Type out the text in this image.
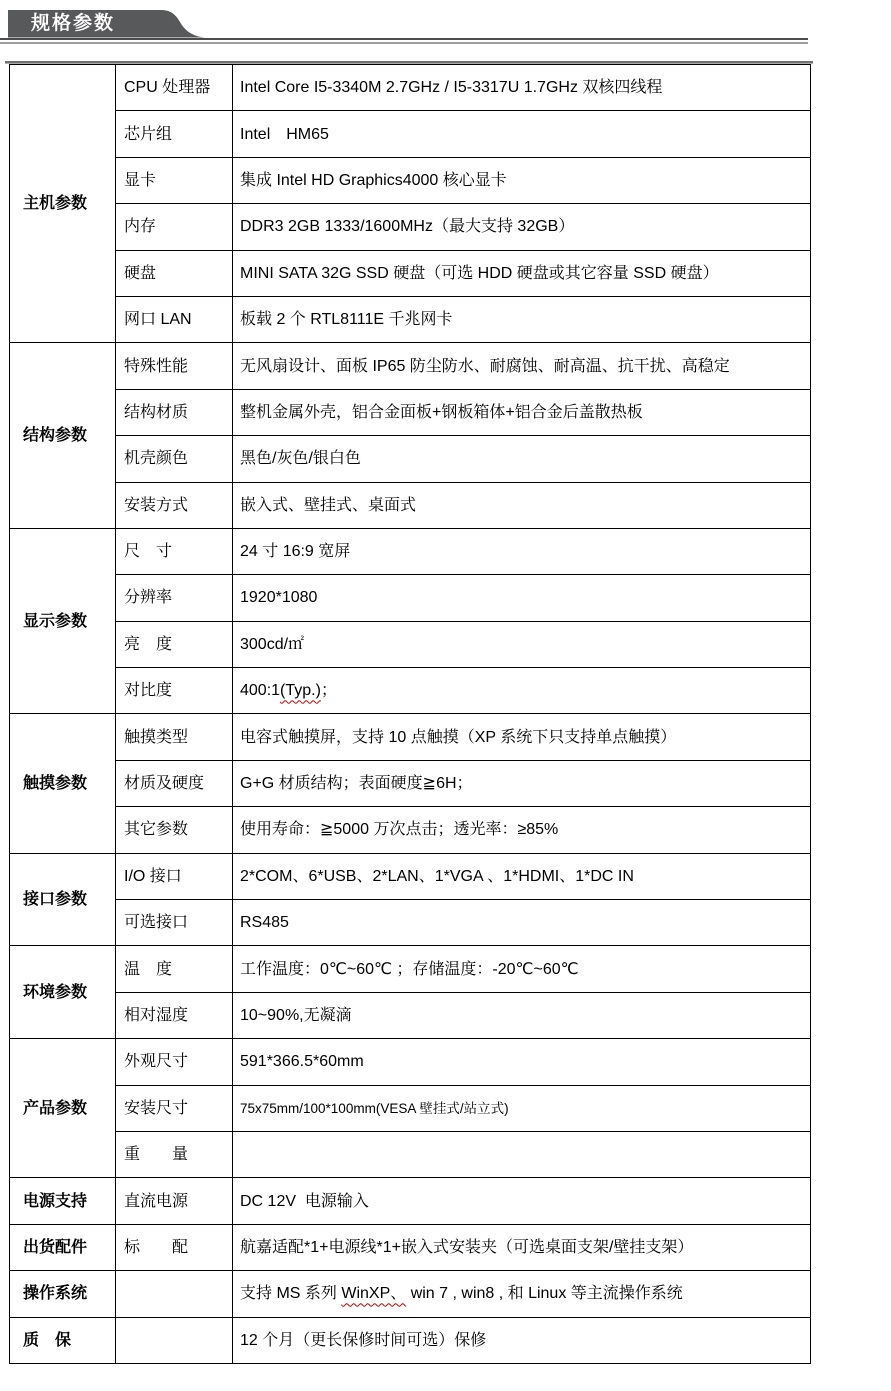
规格参数
主机参数	CPU 处理器	Intel Core I5-3340M 2.7GHz / I5-3317U 1.7GHz 双核四线程
	芯片组	Intel　HM65
	显卡	集成 Intel HD Graphics4000 核心显卡
	内存	DDR3 2GB 1333/1600MHz（最大支持 32GB）
	硬盘	MINI SATA 32G SSD 硬盘（可选 HDD 硬盘或其它容量 SSD 硬盘）
	网口 LAN	板载 2 个 RTL8111E 千兆网卡
结构参数	特殊性能	无风扇设计、面板 IP65 防尘防水、耐腐蚀、耐高温、抗干扰、高稳定
	结构材质	整机金属外壳，铝合金面板+钢板箱体+铝合金后盖散热板
	机壳颜色	黑色/灰色/银白色
	安装方式	嵌入式、壁挂式、桌面式
显示参数	尺　寸	24 寸 16:9 宽屏
	分辨率	1920*1080
	亮　度	300cd/㎡
	对比度	400:1(Typ.)；
触摸参数	触摸类型	电容式触摸屏，支持 10 点触摸（XP 系统下只支持单点触摸）
	材质及硬度	G+G 材质结构；表面硬度≧6H；
	其它参数	使用寿命：≧5000 万次点击；透光率：≥85%
接口参数	I/O 接口	2*COM、6*USB、2*LAN、1*VGA 、1*HDMI、1*DC IN
	可选接口	RS485
环境参数	温　度	工作温度：0℃~60℃ ；存储温度：-20℃~60℃
	相对湿度	10~90%,无凝滴
产品参数	外观尺寸	591*366.5*60mm
	安装尺寸	75x75mm/100*100mm(VESA 壁挂式/站立式)
	重　　量	
电源支持	直流电源	DC 12V  电源输入
出货配件	标　　配	航嘉适配*1+电源线*1+嵌入式安装夹（可选桌面支架/壁挂支架）
操作系统		支持 MS 系列 WinXP、 win 7 , win8 , 和 Linux 等主流操作系统
质　保		12 个月（更长保修时间可选）保修
